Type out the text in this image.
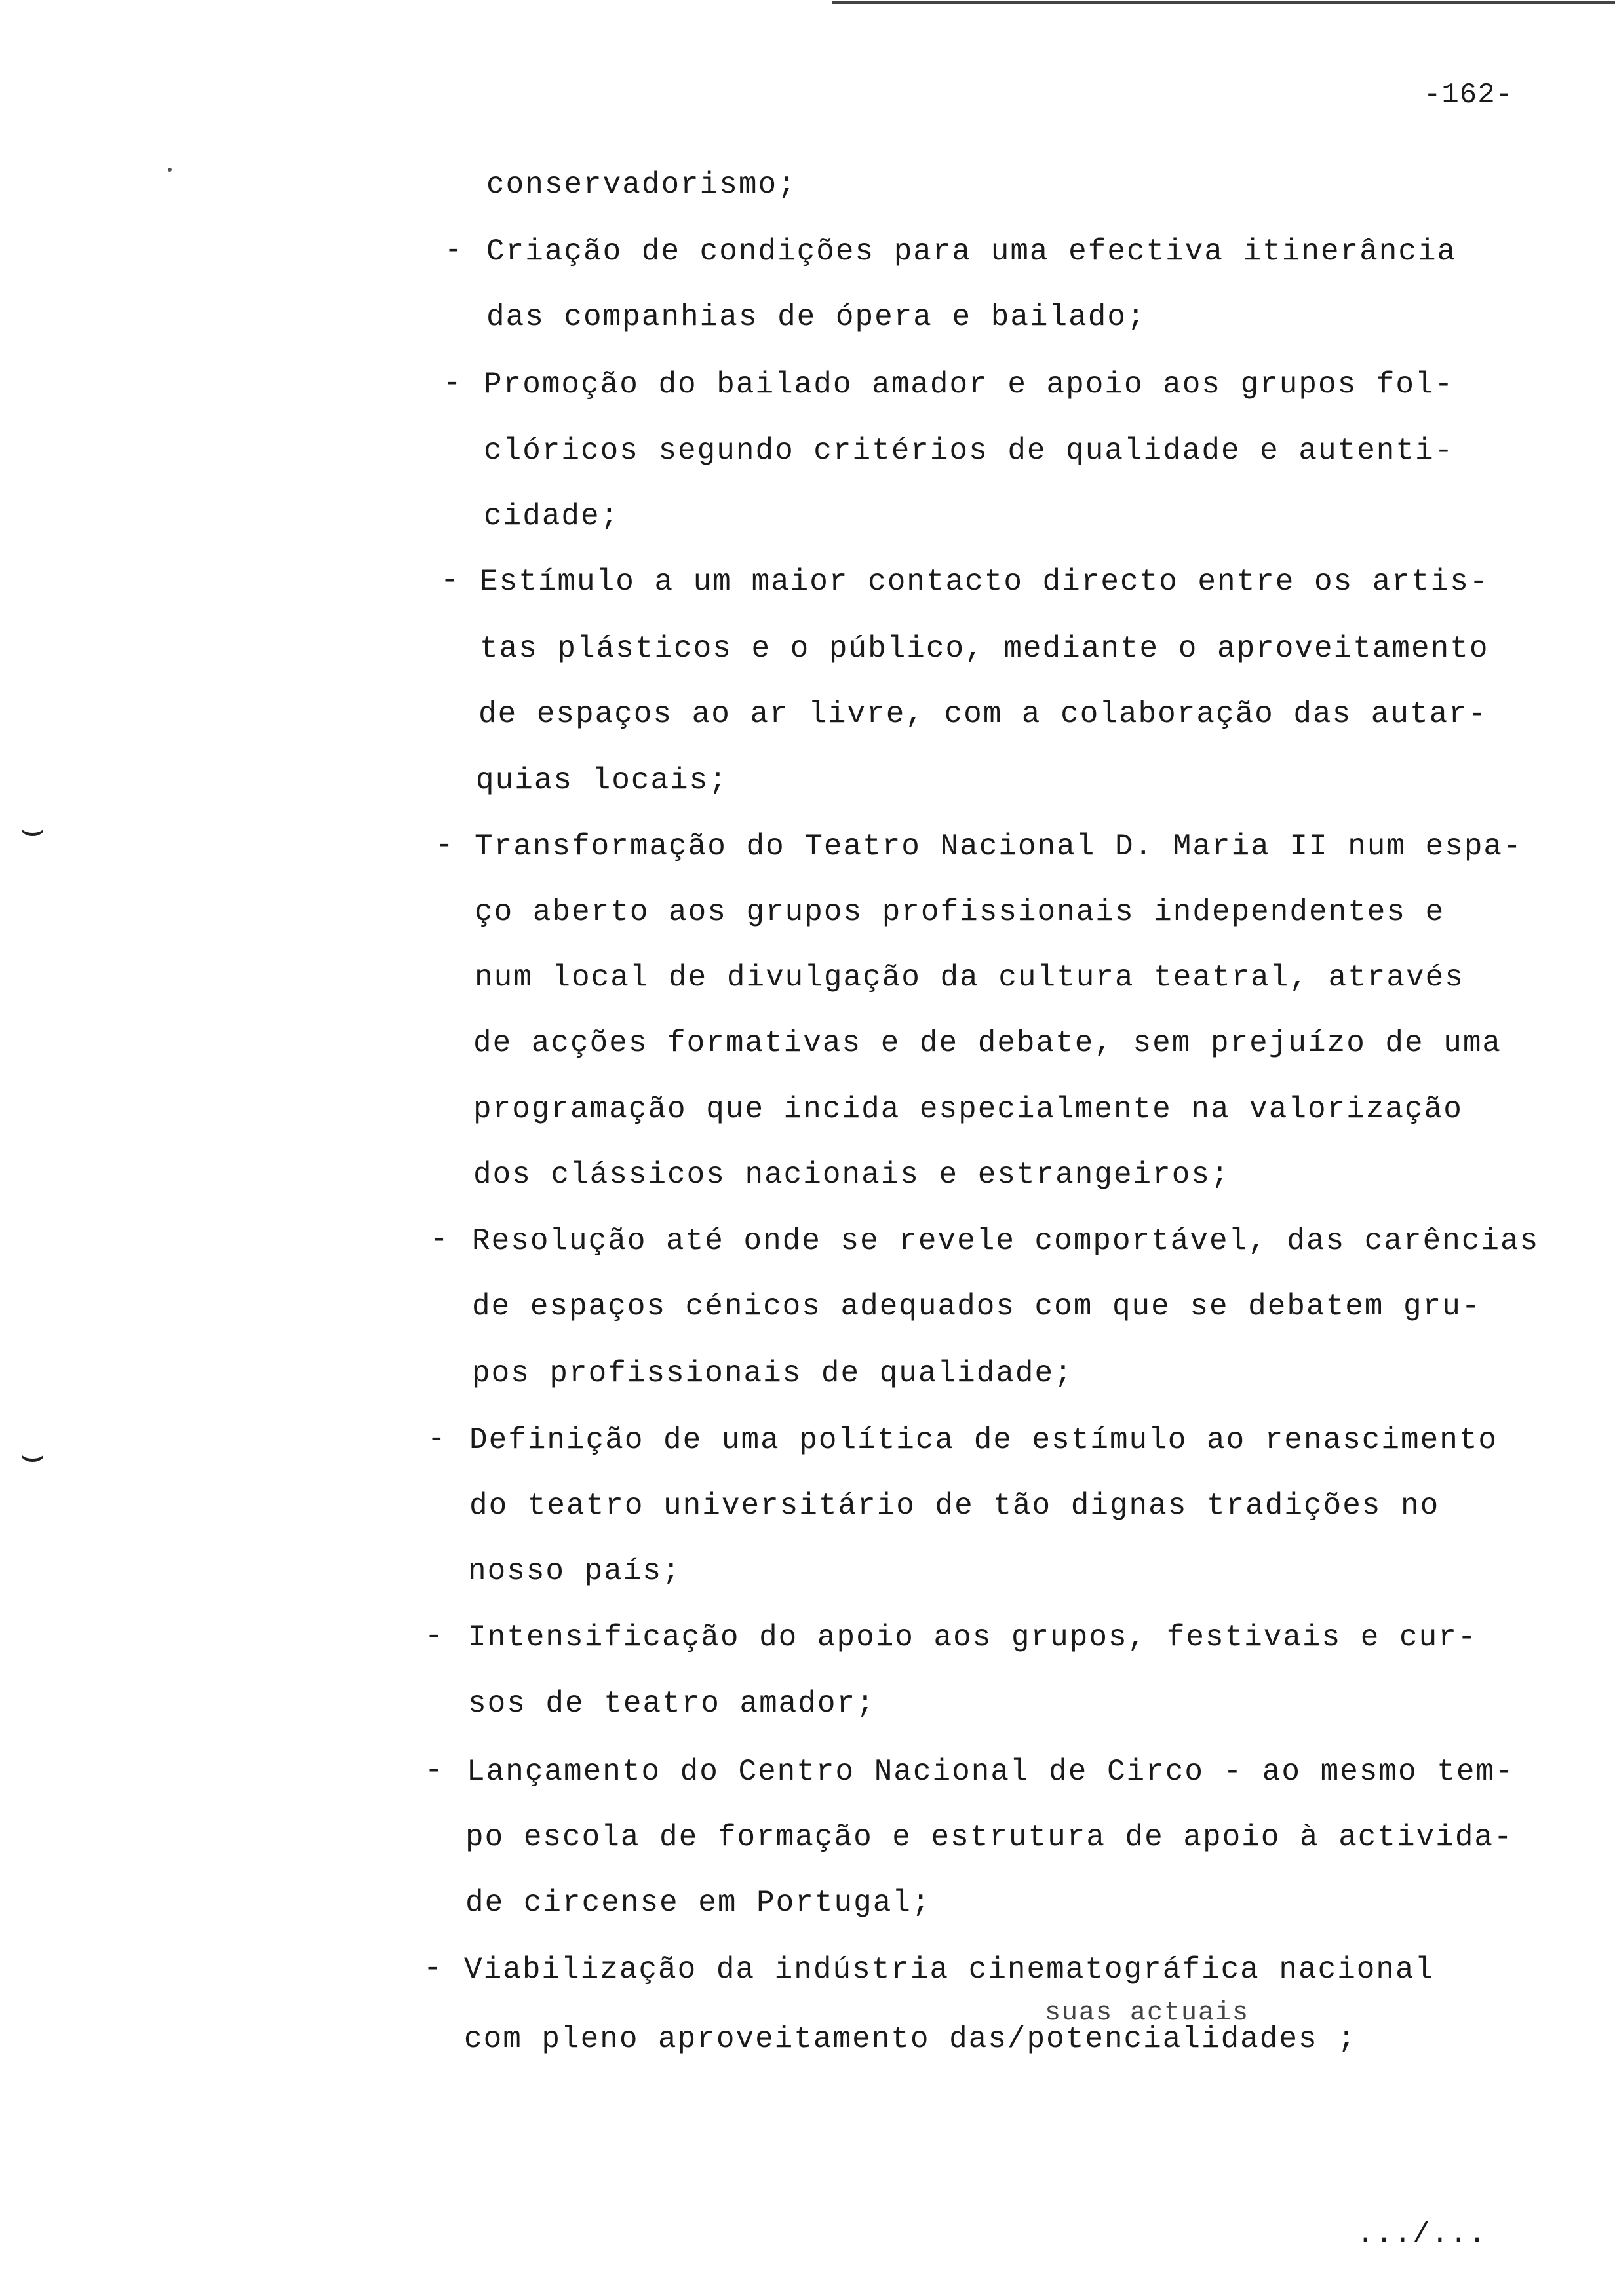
-162-
⌣
⌣
-
-
-
-
-
-
-
-
-
conservadorismo;
Criação de condições para uma efectiva itinerância
das companhias de ópera e bailado;
Promoção do bailado amador e apoio aos grupos fol-
clóricos segundo critérios de qualidade e autenti-
cidade;
Estímulo a um maior contacto directo entre os artis-
tas plásticos e o público, mediante o aproveitamento
de espaços ao ar livre, com a colaboração das autar-
quias locais;
Transformação do Teatro Nacional D. Maria II num espa-
ço aberto aos grupos profissionais independentes e
num local de divulgação da cultura teatral, através
de acções formativas e de debate, sem prejuízo de uma
programação que incida especialmente na valorização
dos clássicos nacionais e estrangeiros;
Resolução até onde se revele comportável, das carências
de espaços cénicos adequados com que se debatem gru-
pos profissionais de qualidade;
Definição de uma política de estímulo ao renascimento
do teatro universitário de tão dignas tradições no
nosso país;
Intensificação do apoio aos grupos, festivais e cur-
sos de teatro amador;
Lançamento do Centro Nacional de Circo - ao mesmo tem-
po escola de formação e estrutura de apoio à activida-
de circense em Portugal;
Viabilização da indústria cinematográfica nacional
suas actuais
com pleno aproveitamento das/potencialidades ;
.../...
